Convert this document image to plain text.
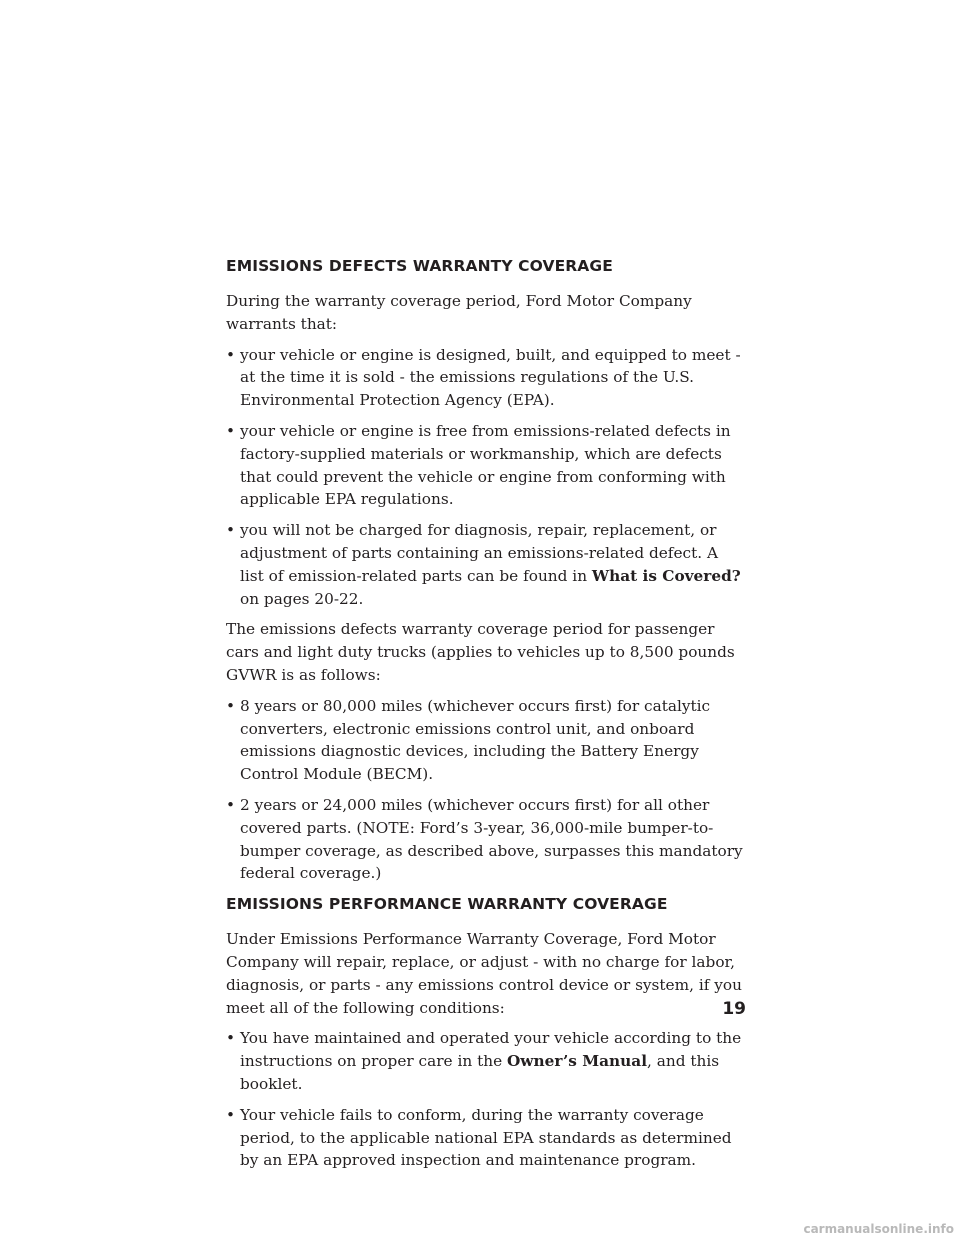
EMISSIONS DEFECTS WARRANTY COVERAGE

During the warranty coverage period, Ford Motor Company warrants that:

• your vehicle or engine is designed, built, and equipped to meet - at the time it is sold - the emissions regulations of the U.S. Environmental Protection Agency (EPA).
• your vehicle or engine is free from emissions-related defects in factory-supplied materials or workmanship, which are defects that could prevent the vehicle or engine from conforming with applicable EPA regulations.
• you will not be charged for diagnosis, repair, replacement, or adjustment of parts containing an emissions-related defect. A list of emission-related parts can be found in What is Covered? on pages 20-22.

The emissions defects warranty coverage period for passenger cars and light duty trucks (applies to vehicles up to 8,500 pounds GVWR is as follows:

• 8 years or 80,000 miles (whichever occurs first) for catalytic converters, electronic emissions control unit, and onboard emissions diagnostic devices, including the Battery Energy Control Module (BECM).
• 2 years or 24,000 miles (whichever occurs first) for all other covered parts. (NOTE: Ford’s 3-year, 36,000-mile bumper-to-bumper coverage, as described above, surpasses this mandatory federal coverage.)
EMISSIONS PERFORMANCE WARRANTY COVERAGE

Under Emissions Performance Warranty Coverage, Ford Motor Company will repair, replace, or adjust - with no charge for labor, diagnosis, or parts - any emissions control device or system, if you meet all of the following conditions:

• You have maintained and operated your vehicle according to the instructions on proper care in the Owner’s Manual, and this booklet.
• Your vehicle fails to conform, during the warranty coverage period, to the applicable national EPA standards as determined by an EPA approved inspection and maintenance program.
19
carmanualsonline.info
